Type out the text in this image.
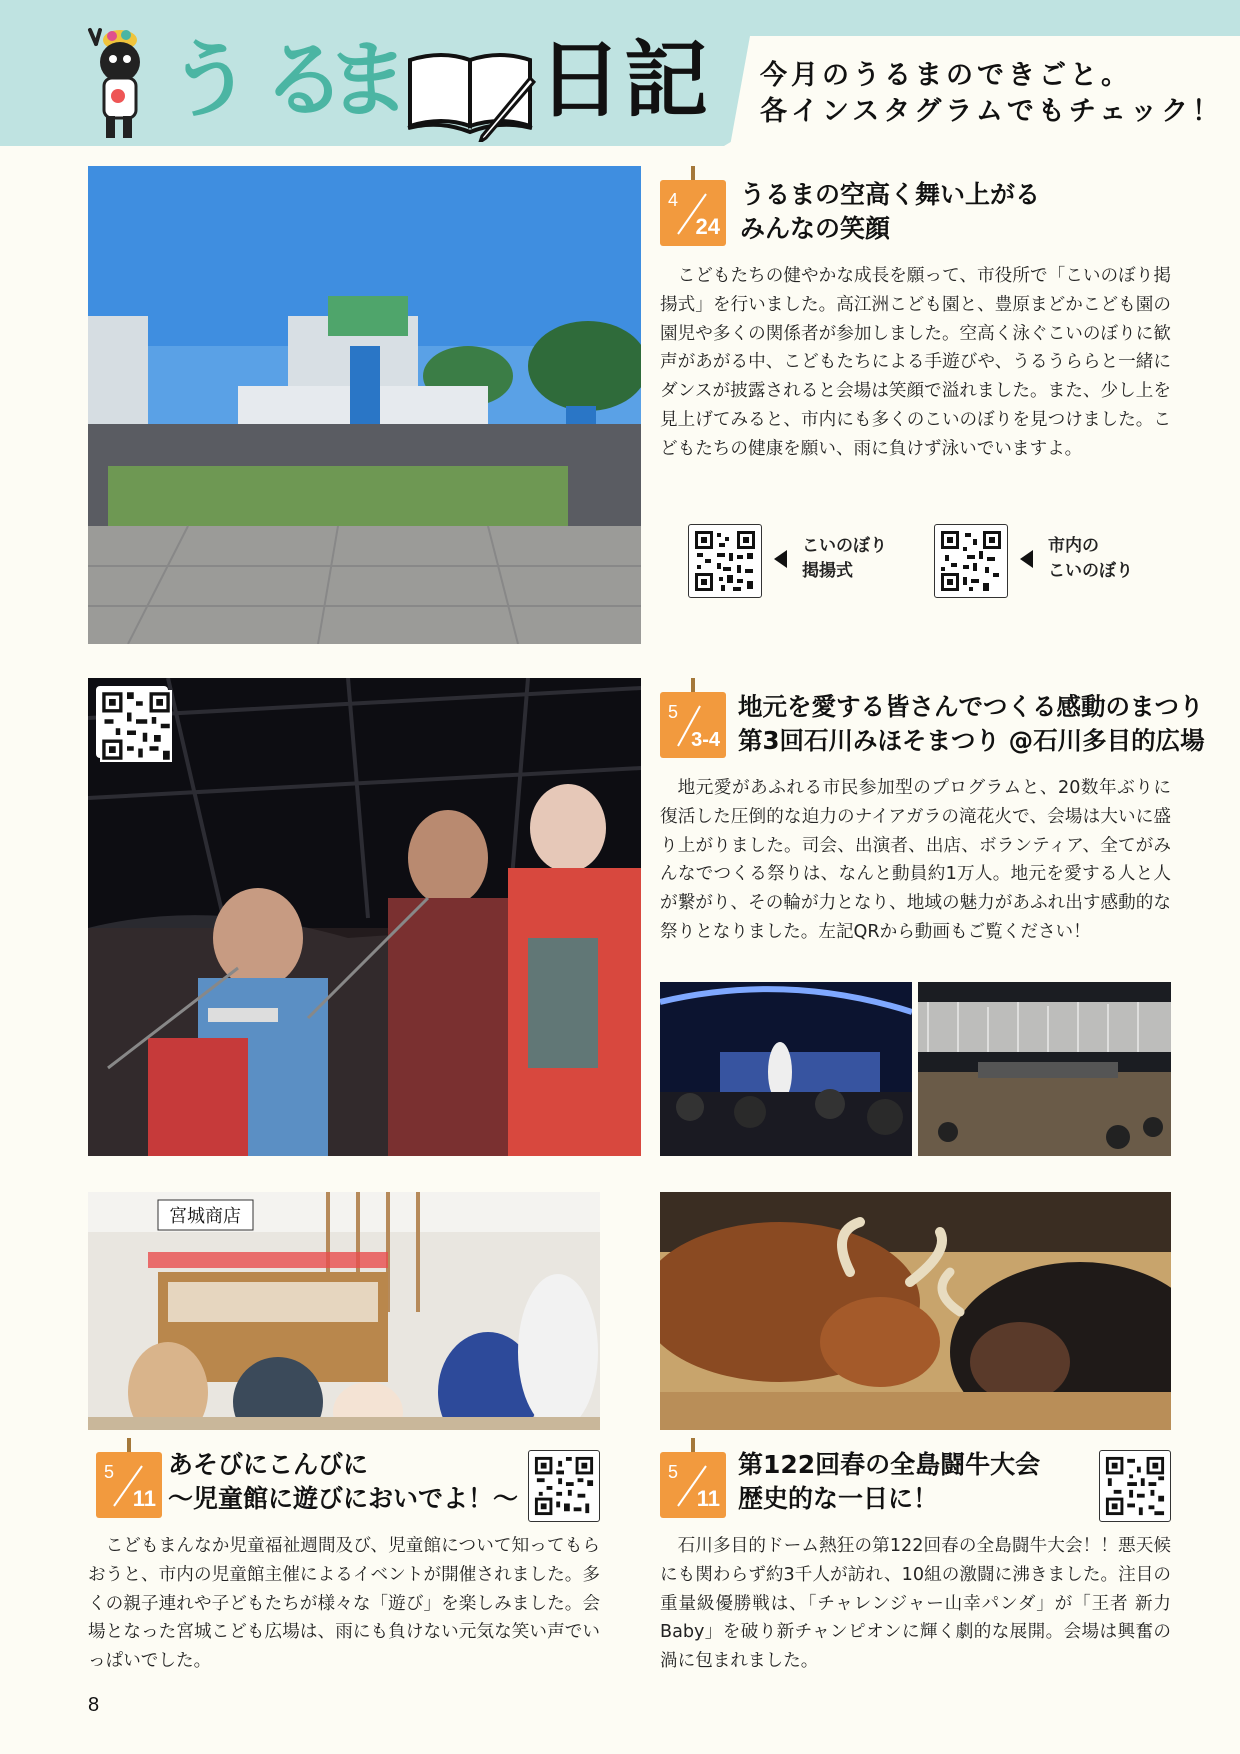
う る
ま 日 記 今月のうるまのできごと。
各インスタグラムでもチェック！
4
24
うるまの空高く舞い上がる
みんなの笑顔

こどもたちの健やかな成長を願って、市役所で「こいのぼり掲揚式」を行いました。高江洲こども園と、豊原まどかこども園の園児や多くの関係者が参加しました。空高く泳ぐこいのぼりに歓声があがる中、こどもたちによる手遊びや、うるうららと一緒にダンスが披露されると会場は笑顔で溢れました。また、少し上を見上げてみると、市内にも多くのこいのぼりを見つけました。こどもたちの健康を願い、雨に負けず泳いでいますよ。

こいのぼり
掲揚式
市内の
こいのぼり
5
3-4
地元を愛する皆さんでつくる感動のまつり
第3回石川みほそまつり @石川多目的広場

地元愛があふれる市民参加型のプログラムと、20数年ぶりに復活した圧倒的な迫力のナイアガラの滝花火で、会場は大いに盛り上がりました。司会、出演者、出店、ボランティア、全てがみんなでつくる祭りは、なんと動員約1万人。地元を愛する人と人が繋がり、その輪が力となり、地域の魅力があふれ出す感動的な祭りとなりました。左記QRから動画もご覧ください！

宮城商店
5
11
あそびにこんびに
〜児童館に遊びにおいでよ！〜

こどもまんなか児童福祉週間及び、児童館について知ってもらおうと、市内の児童館主催によるイベントが開催されました。多くの親子連れや子どもたちが様々な「遊び」を楽しみました。会場となった宮城こども広場は、雨にも負けない元気な笑い声でいっぱいでした。

5
11
第122回春の全島闘牛大会
歴史的な一日に！

石川多目的ドーム熱狂の第122回春の全島闘牛大会！！悪天候にも関わらず約3千人が訪れ、10組の激闘に沸きました。注目の重量級優勝戦は、「チャレンジャー山幸パンダ」が「王者 新力Baby」を破り新チャンピオンに輝く劇的な展開。会場は興奮の渦に包まれました。

8
